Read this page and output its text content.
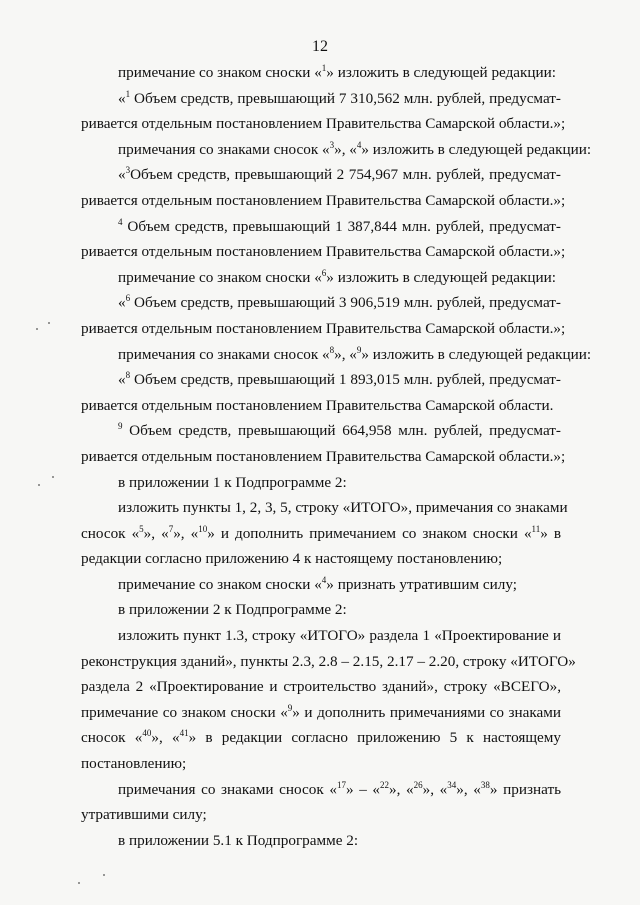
12
примечание со знаком сноски «$^1$» изложить в следующей редакции:
«$^1$ Объем средств, превышающий 7 310,562 млн. рублей, предусмат-
ривается отдельным постановлением Правительства Самарской области.»;
примечания со знаками сносок «$^3$», «$^4$» изложить в следующей редакции:
«$^3$Объем средств, превышающий 2 754,967 млн. рублей, предусмат-
ривается отдельным постановлением Правительства Самарской области.»;
$^4$ Объем средств, превышающий 1 387,844 млн. рублей, предусмат-
ривается отдельным постановлением Правительства Самарской области.»;
примечание со знаком сноски «$^6$» изложить в следующей редакции:
«$^6$ Объем средств, превышающий 3 906,519 млн. рублей, предусмат-
ривается отдельным постановлением Правительства Самарской области.»;
примечания со знаками сносок «$^8$», «$^9$» изложить в следующей редакции:
«$^8$ Объем средств, превышающий 1 893,015 млн. рублей, предусмат-
ривается отдельным постановлением Правительства Самарской области.
$^9$ Объем средств, превышающий 664,958 млн. рублей, предусмат-
ривается отдельным постановлением Правительства Самарской области.»;
в приложении 1 к Подпрограмме 2:
изложить пункты 1, 2, 3, 5, строку «ИТОГО», примечания со знаками
сносок «$^5$», «$^7$», «$^{10}$» и дополнить примечанием со знаком сноски «$^{11}$» в
редакции согласно приложению 4 к настоящему постановлению;
примечание со знаком сноски «$^4$» признать утратившим силу;
в приложении 2 к Подпрограмме 2:
изложить пункт 1.3, строку «ИТОГО» раздела 1 «Проектирование и
реконструкция зданий», пункты 2.3, 2.8 – 2.15, 2.17 – 2.20, строку «ИТОГО»
раздела 2 «Проектирование и строительство зданий», строку «ВСЕГО»,
примечание со знаком сноски «$^9$» и дополнить примечаниями со знаками
сносок «$^{40}$», «$^{41}$» в редакции согласно приложению 5 к настоящему
постановлению;
примечания со знаками сносок «$^{17}$» – «$^{22}$», «$^{26}$», «$^{34}$», «$^{38}$» признать
утратившими силу;
в приложении 5.1 к Подпрограмме 2:
